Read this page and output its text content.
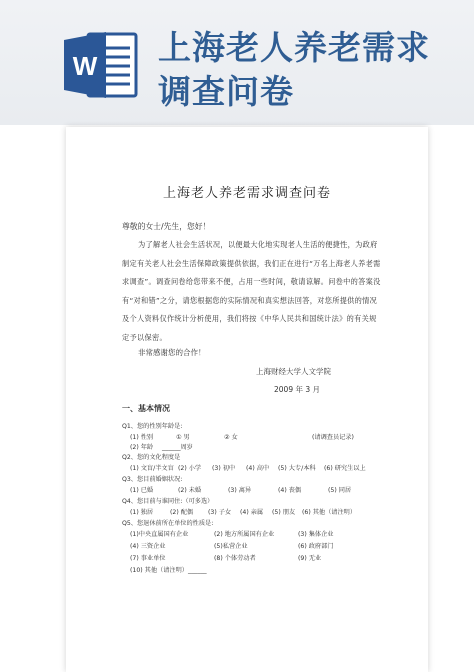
W 上海老人养老需求
调查问卷
上海老人养老需求调查问卷
尊敬的女士/先生，您好！
为了解老人社会生活状况，以便最大化地实现老人生活的便捷性，为政府制定有关老人社会生活保障政策提供依据，我们正在进行“万名上海老人养老需求调查”。调查问卷给您带来不便，占用一些时间，敬请谅解。问卷中的答案没有“对和错”之分，请您根据您的实际情况和真实想法回答，对您所提供的情况及个人资料仅作统计分析使用，我们将按《中华人民共和国统计法》的有关规定予以保密。
非常感谢您的合作！
上海财经大学人文学院
2009 年 3 月
一、基本情况
Q1、您的性别年龄是:
(1) 性别	① 男	② 女	(请调查员记录)
(2) 年龄 ______周岁
Q2、您的文化程度是
(1) 文盲/半文盲 (2) 小学 (3) 初中 (4) 高中 (5) 大专/本科 (6) 研究生以上
Q3、您目前婚姻状况:
(1) 已婚	(2) 未婚	(3) 离异	(4) 丧偶	(5) 同居
Q4、您目前与谁同住:（可多选）
(1) 独居	(2) 配偶 (3) 子女 (4) 亲属 (5) 朋友 (6) 其他（请注明）
Q5、您退休前所在单位的性质是:
(1)中央直属国有企业	(2) 地方所属国有企业	(3) 集体企业
(4) 三资企业	(5)私营企业	(6) 政府部门
(7) 事业单位	(8) 个体劳动者	(9) 无业
(10) 其他（请注明）______
